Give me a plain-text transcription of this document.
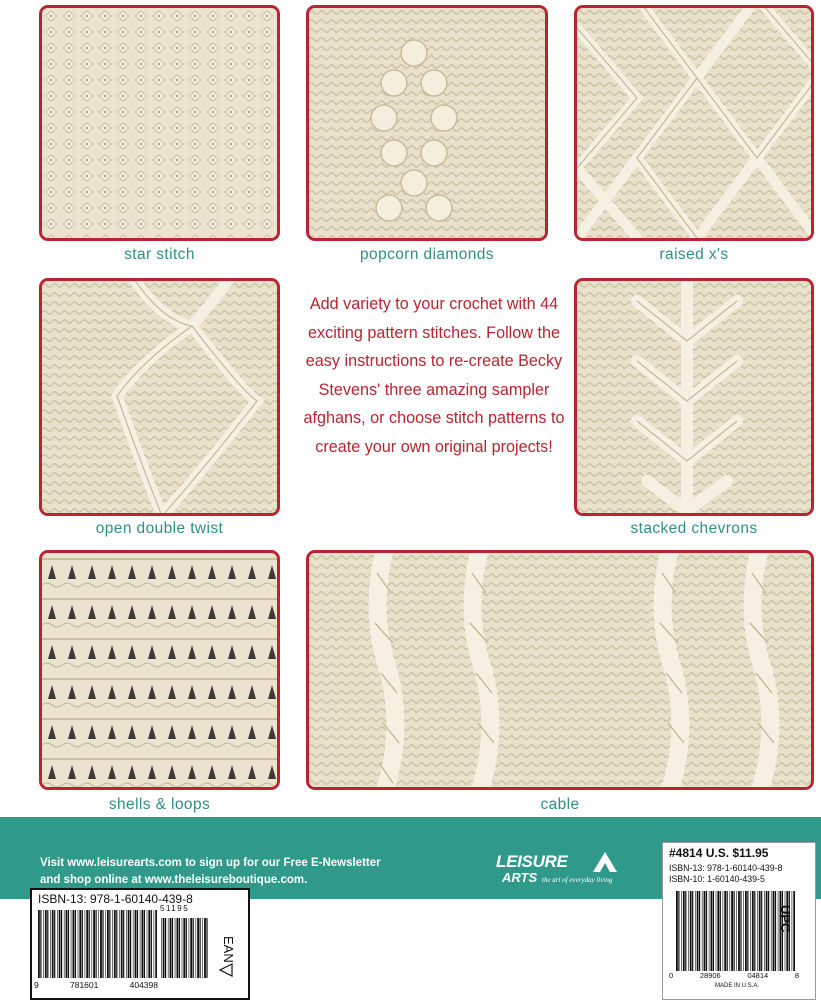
star stitch	popcorn diamonds	raised x's
Add variety to your crochet with 44 exciting pattern stitches. Follow the easy instructions to re-create Becky Stevens' three amazing sampler afghans, or choose stitch patterns to create your own original projects!
open double twist	stacked chevrons
shells & loops	cable
Visit www.leisurearts.com to sign up for our Free E-Newsletter
and shop online at www.theleisureboutique.com.
LEISURE
ARTS the art of everyday living
#4814 U.S. $11.95
ISBN-13: 978-1-60140-439-8
ISBN-10: 1-60140-439-5
UPC
0	28906	04814	8
MADE IN U.S.A.
ISBN-13: 978-1-60140-439-8
51195
EAN
9	781601	404398
